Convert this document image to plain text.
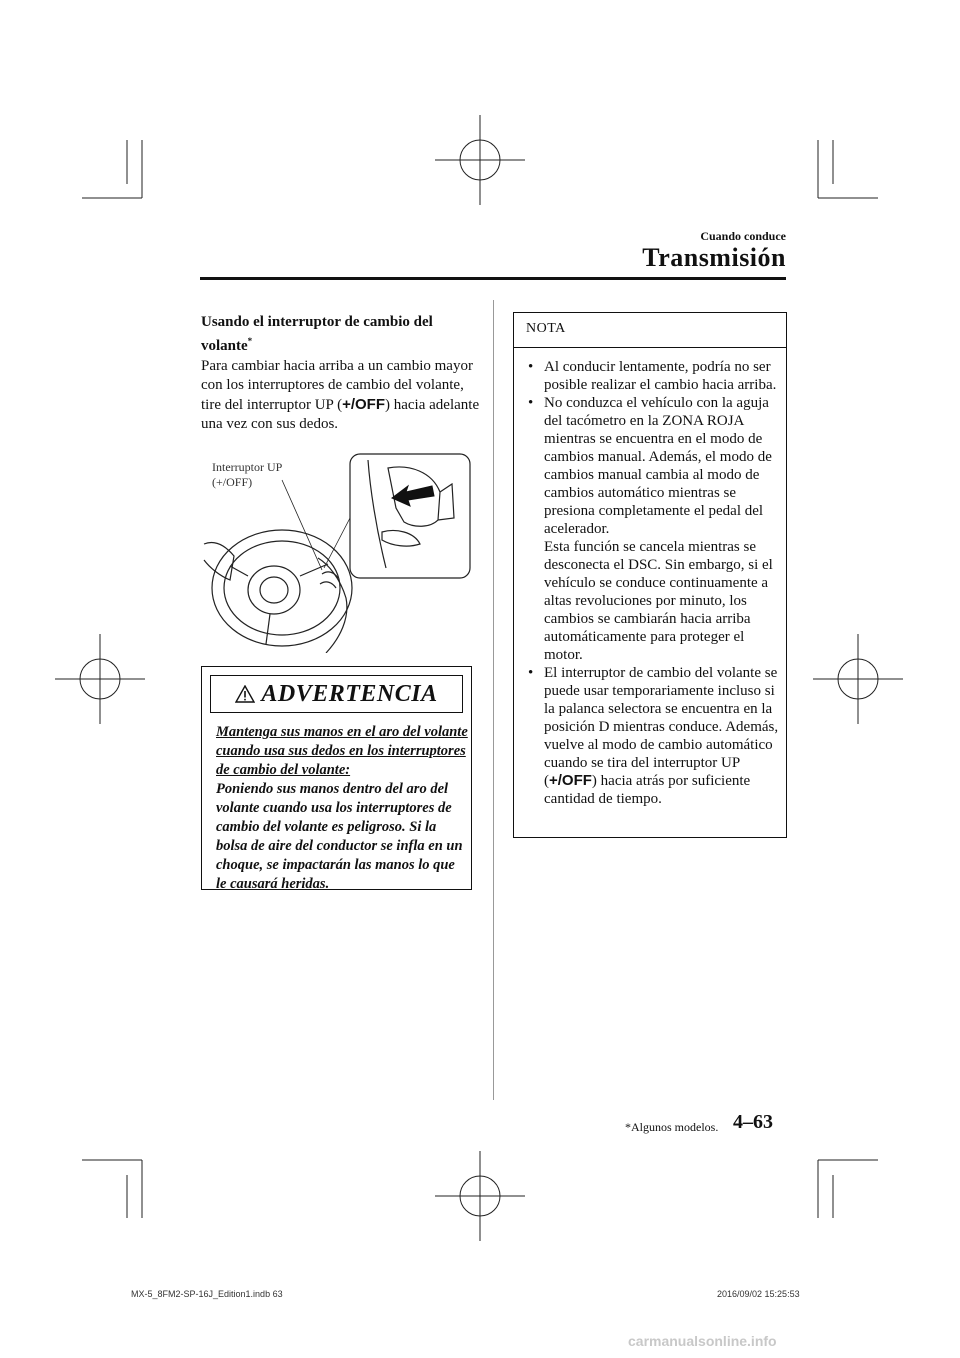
Cuando conduce
Transmisión
Usando el interruptor de cambio del volante*
Para cambiar hacia arriba a un cambio mayor con los interruptores de cambio del volante, tire del interruptor UP (+/OFF) hacia adelante una vez con sus dedos.
Interruptor UP
(+/OFF)
ADVERTENCIA
Mantenga sus manos en el aro del volante cuando usa sus dedos en los interruptores de cambio del volante:
Poniendo sus manos dentro del aro del volante cuando usa los interruptores de cambio del volante es peligroso. Si la bolsa de aire del conductor se infla en un choque, se impactarán las manos lo que le causará heridas.
NOTA
• Al conducir lentamente, podría no ser posible realizar el cambio hacia arriba.
• No conduzca el vehículo con la aguja del tacómetro en la ZONA ROJA mientras se encuentra en el modo de cambios manual. Además, el modo de cambios manual cambia al modo de cambios automático mientras se presiona completamente el pedal del acelerador.
Esta función se cancela mientras se desconecta el DSC. Sin embargo, si el vehículo se conduce continuamente a altas revoluciones por minuto, los cambios se cambiarán hacia arriba automáticamente para proteger el motor.
• El interruptor de cambio del volante se puede usar temporariamente incluso si la palanca selectora se encuentra en la posición D mientras conduce. Además, vuelve al modo de cambio automático cuando se tira del interruptor UP (+/OFF) hacia atrás por suficiente cantidad de tiempo.
*Algunos modelos. 4–63
MX-5_8FM2-SP-16J_Edition1.indb 63	2016/09/02 15:25:53
carmanualsonline.info
